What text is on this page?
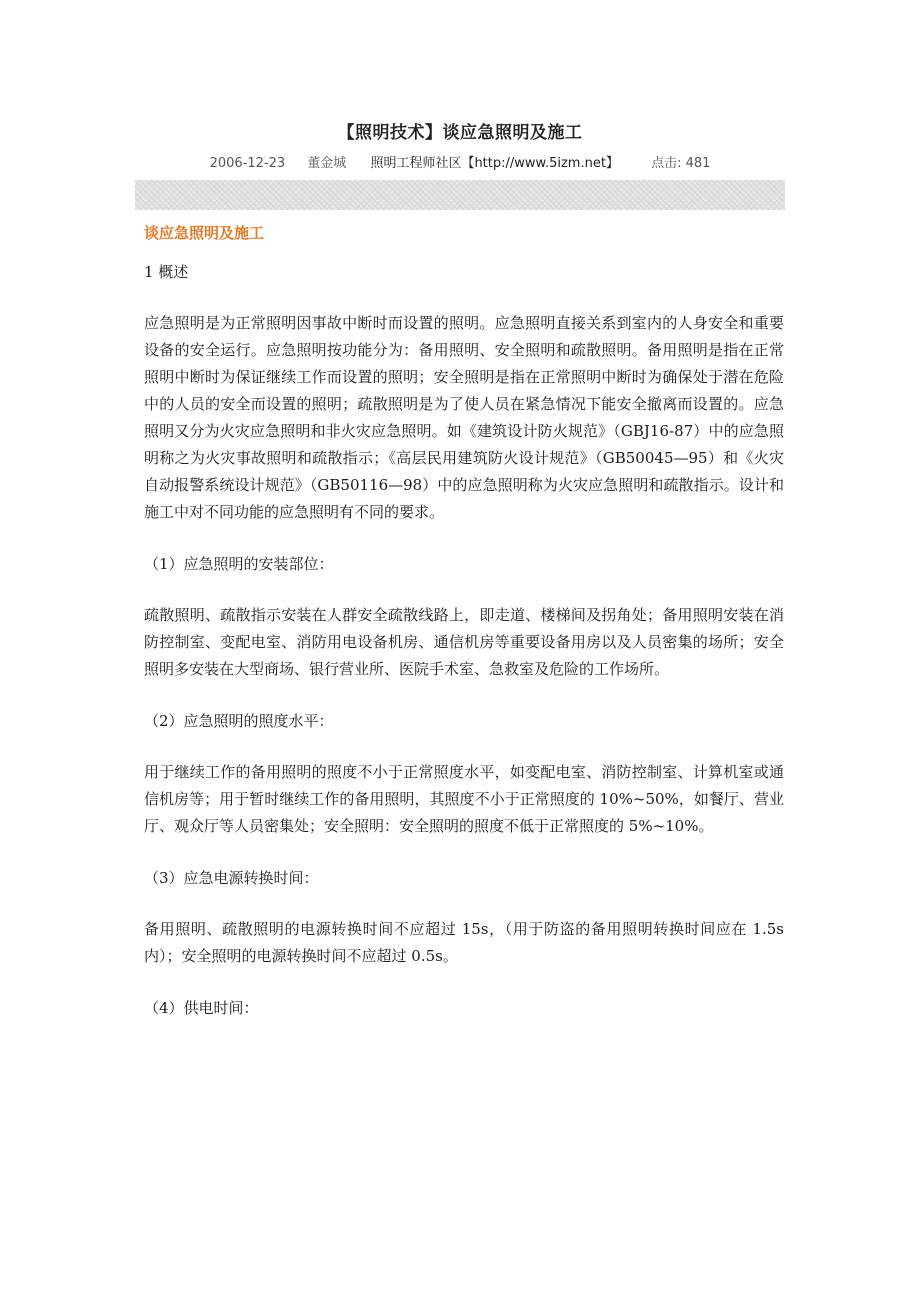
【照明技术】谈应急照明及施工
2006-12-23 董金城 照明工程师社区【http://www.5izm.net】 点击: 481
谈应急照明及施工
1 概述
应急照明是为正常照明因事故中断时而设置的照明。应急照明直接关系到室内的人身安全和重要设备的安全运行。应急照明按功能分为：备用照明、安全照明和疏散照明。备用照明是指在正常照明中断时为保证继续工作而设置的照明；安全照明是指在正常照明中断时为确保处于潜在危险中的人员的安全而设置的照明；疏散照明是为了使人员在紧急情况下能安全撤离而设置的。应急照明又分为火灾应急照明和非火灾应急照明。如《建筑设计防火规范》（GBJ16-87）中的应急照明称之为火灾事故照明和疏散指示；《高层民用建筑防火设计规范》（GB50045—95）和《火灾自动报警系统设计规范》（GB50116—98）中的应急照明称为火灾应急照明和疏散指示。设计和施工中对不同功能的应急照明有不同的要求。
（1）应急照明的安装部位：
疏散照明、疏散指示安装在人群安全疏散线路上，即走道、楼梯间及拐角处；备用照明安装在消防控制室、变配电室、消防用电设备机房、通信机房等重要设备用房以及人员密集的场所；安全照明多安装在大型商场、银行营业所、医院手术室、急救室及危险的工作场所。
（2）应急照明的照度水平：
用于继续工作的备用照明的照度不小于正常照度水平，如变配电室、消防控制室、计算机室或通信机房等；用于暂时继续工作的备用照明，其照度不小于正常照度的 10%~50%，如餐厅、营业厅、观众厅等人员密集处；安全照明：安全照明的照度不低于正常照度的 5%~10%。
（3）应急电源转换时间：
备用照明、疏散照明的电源转换时间不应超过 15s，（用于防盗的备用照明转换时间应在 1.5s 内）；安全照明的电源转换时间不应超过 0.5s。
（4）供电时间：
